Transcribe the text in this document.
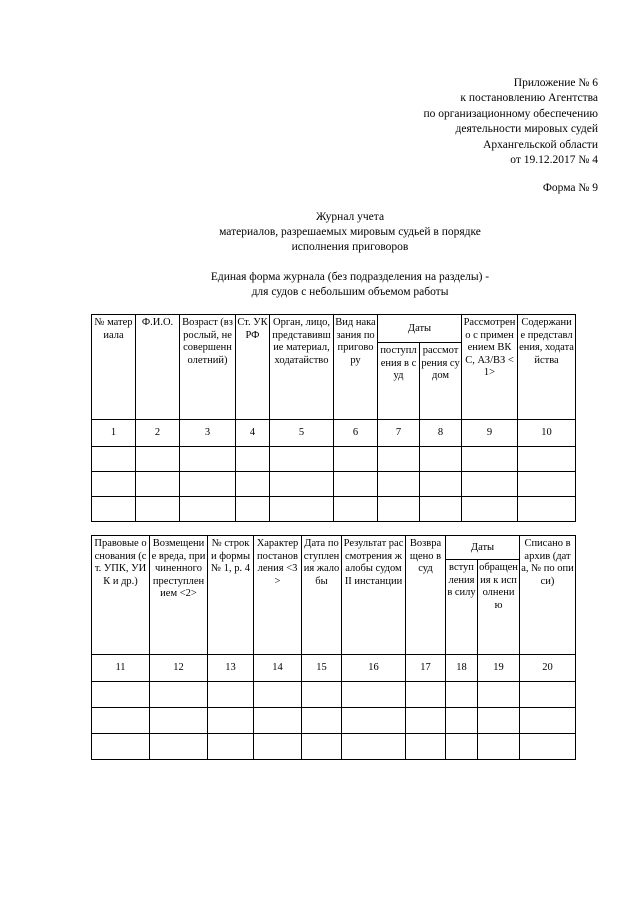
Приложение № 6
к постановлению Агентства
по организационному обеспечению
деятельности мировых судей
Архангельской области
от 19.12.2017 № 4
Форма № 9
Журнал учета
материалов, разрешаемых мировым судьей в порядке
исполнения приговоров
Единая форма журнала (без подразделения на разделы) -
для судов с небольшим объемом работы
№ материала	Ф.И.О.	Возраст (взрослый, несовершеннолетний)	Ст. УК РФ	Орган, лицо, представившие материал, ходатайство	Вид наказания по приговору	Даты		Рассмотрено с применением ВКС, АЗ/ВЗ <1>	Содержание представления, ходатайства
						поступления в суд	рассмотрения судом		
1	2	3	4	5	6	7	8	9	10

Правовые основания (ст. УПК, УИК и др.)	Возмещение вреда, причиненного преступлением <2>	№ строки формы № 1, р. 4	Характер постановления <3>	Дата поступления жалобы	Результат рассмотрения жалобы судом II инстанции	Возвращено в суд	Даты		Списано в архив (дата, № по описи)
							вступления в силу	обращения к исполнению	
11	12	13	14	15	16	17	18	19	20
